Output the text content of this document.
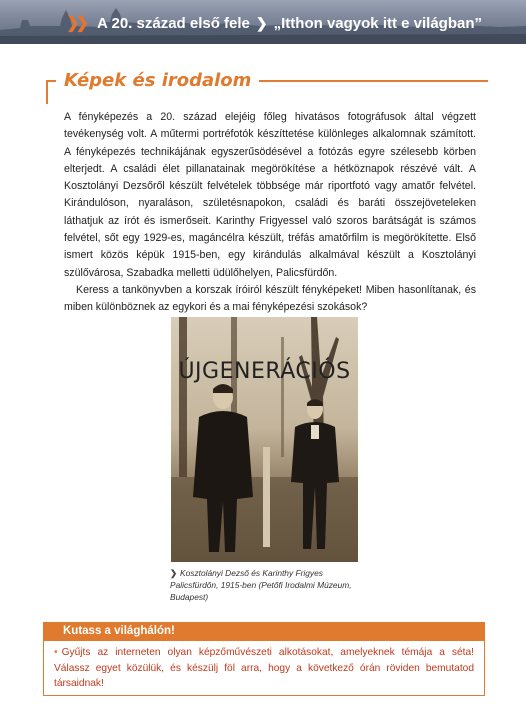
❯❯ A 20. század első fele ❯ „Itthon vagyok itt e világban”
Képek és irodalom

A fényképezés a 20. század elejéig főleg hivatásos fotográfusok által végzett tevékenység volt. A műtermi portréfotók készíttetése különleges alkalomnak számított. A fényképezés technikájának egyszerűsödésével a fotózás egyre szélesebb körben elterjedt. A családi élet pillanatainak megörökítése a hétköznapok részévé vált. A Kosztolányi Dezsőről készült felvételek többsége már riportfotó vagy amatőr felvétel. Kirándulóson, nyaraláson, születésnapokon, családi és baráti összejöveteleken láthatjuk az írót és ismerőseit. Karinthy Frigyessel való szoros barátságát is számos felvétel, sőt egy 1929-es, magáncélra készült, tréfás amatőrfilm is megörökítette. Első ismert közös képük 1915-ben, egy kirándulás alkalmával készült a Kosztolányi szülővárosa, Szabadka melletti üdülőhelyen, Palicsfürdőn.

Keress a tankönyvben a korszak íróiról készült fényképeket! Miben hasonlítanak, és miben különböznek az egykori és a mai fényképezési szokások?

ÚJGENERÁCIÓS
❯ Kosztolányi Dezső és Karinthy Frigyes Palicsfürdőn, 1915-ben (Petőfi Irodalmi Múzeum, Budapest)
Kutass a világhálón!
• Gyűjts az interneten olyan képzőművészeti alkotásokat, amelyeknek témája a séta! Válassz egyet közülük, és készülj föl arra, hogy a következő órán röviden bemutatod társaidnak!
